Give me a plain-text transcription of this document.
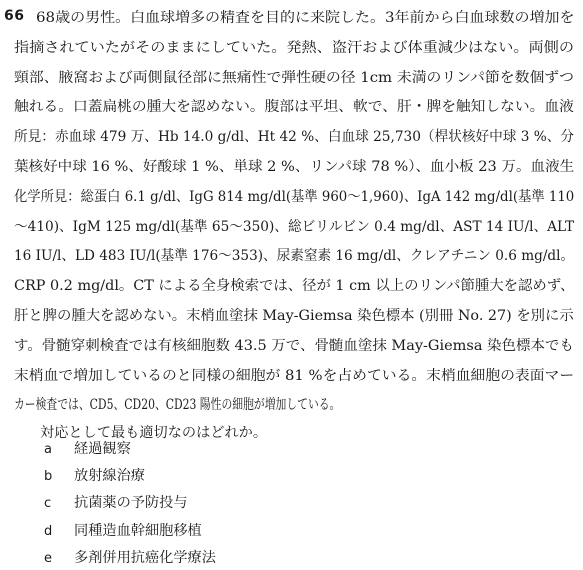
66 68歳の男性。白血球増多の精査を目的に来院した。3年前から白血球数の増加を
指摘されていたがそのままにしていた。発熱、盗汗および体重減少はない。両側の
頸部、腋窩および両側鼠径部に無痛性で弾性硬の径 1cm 未満のリンパ節を数個ずつ
触れる。口蓋扁桃の腫大を認めない。腹部は平坦、軟で、肝・脾を触知しない。血液
所見：赤血球 479 万、Hb 14.0 g/dl、Ht 42 %、白血球 25,730（桿状核好中球 3 %、分
葉核好中球 16 %、好酸球 1 %、単球 2 %、リンパ球 78 %）、血小板 23 万。血液生
化学所見：総蛋白 6.1 g/dl、IgG 814 mg/dl(基準 960～1,960)、IgA 142 mg/dl(基準 110
～410)、IgM 125 mg/dl(基準 65～350)、総ビリルビン 0.4 mg/dl、AST 14 IU/l、ALT
16 IU/l、LD 483 IU/l(基準 176～353)、尿素窒素 16 mg/dl、クレアチニン 0.6 mg/dl。
CRP 0.2 mg/dl。CT による全身検索では、径が 1 cm 以上のリンパ節腫大を認めず、
肝と脾の腫大を認めない。末梢血塗抹 May-Giemsa 染色標本 (別冊 No. 27) を別に示
す。骨髄穿刺検査では有核細胞数 43.5 万で、骨髄血塗抹 May-Giemsa 染色標本でも
末梢血で増加しているのと同様の細胞が 81 %を占めている。末梢血細胞の表面マー
カー検査では、CD5、CD20、CD23 陽性の細胞が増加している。
対応として最も適切なのはどれか。
a 経過観察
b 放射線治療
c 抗菌薬の予防投与
d 同種造血幹細胞移植
e 多剤併用抗癌化学療法
